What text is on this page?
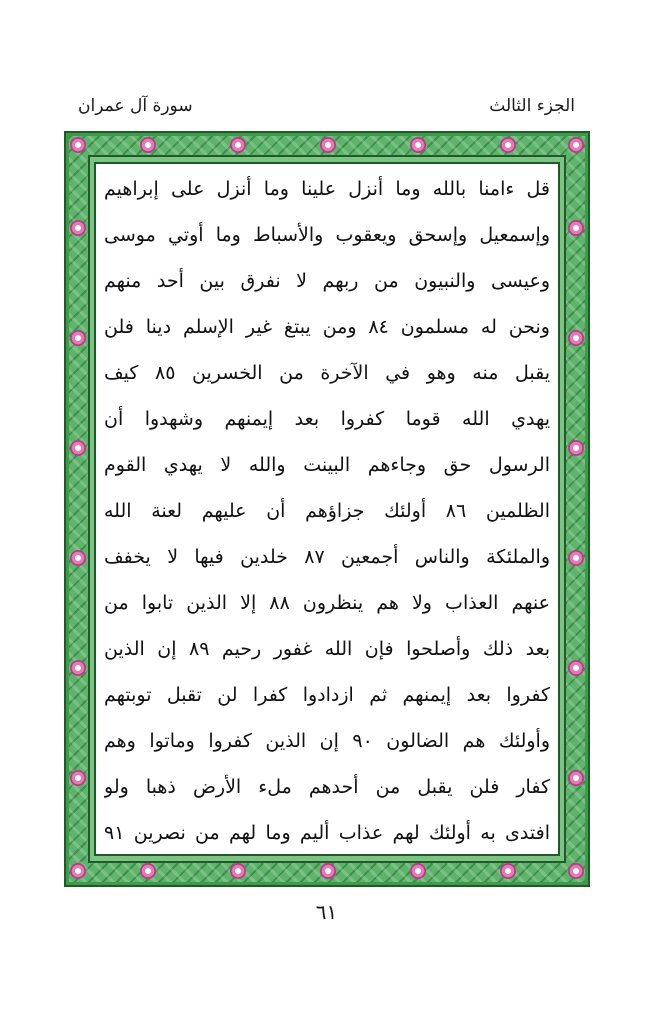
سورة آل عمران	الجزء الثالث
قل ءامنا بالله وما أنزل علينا وما أنزل على إبراهيم
وإسمعيل وإسحق ويعقوب والأسباط وما أوتي موسى
وعيسى والنبيون من ربهم لا نفرق بين أحد منهم
ونحن له مسلمون ٨٤ ومن يبتغ غير الإسلم دينا فلن
يقبل منه وهو في الآخرة من الخسرين ٨٥ كيف
يهدي الله قوما كفروا بعد إيمنهم وشهدوا أن
الرسول حق وجاءهم البينت والله لا يهدي القوم
الظلمين ٨٦ أولئك جزاؤهم أن عليهم لعنة الله
والملئكة والناس أجمعين ٨٧ خلدين فيها لا يخفف
عنهم العذاب ولا هم ينظرون ٨٨ إلا الذين تابوا من
بعد ذلك وأصلحوا فإن الله غفور رحيم ٨٩ إن الذين
كفروا بعد إيمنهم ثم ازدادوا كفرا لن تقبل توبتهم
وأولئك هم الضالون ٩٠ إن الذين كفروا وماتوا وهم
كفار فلن يقبل من أحدهم ملء الأرض ذهبا ولو
افتدى به أولئك لهم عذاب أليم وما لهم من نصرين ٩١
٦١
